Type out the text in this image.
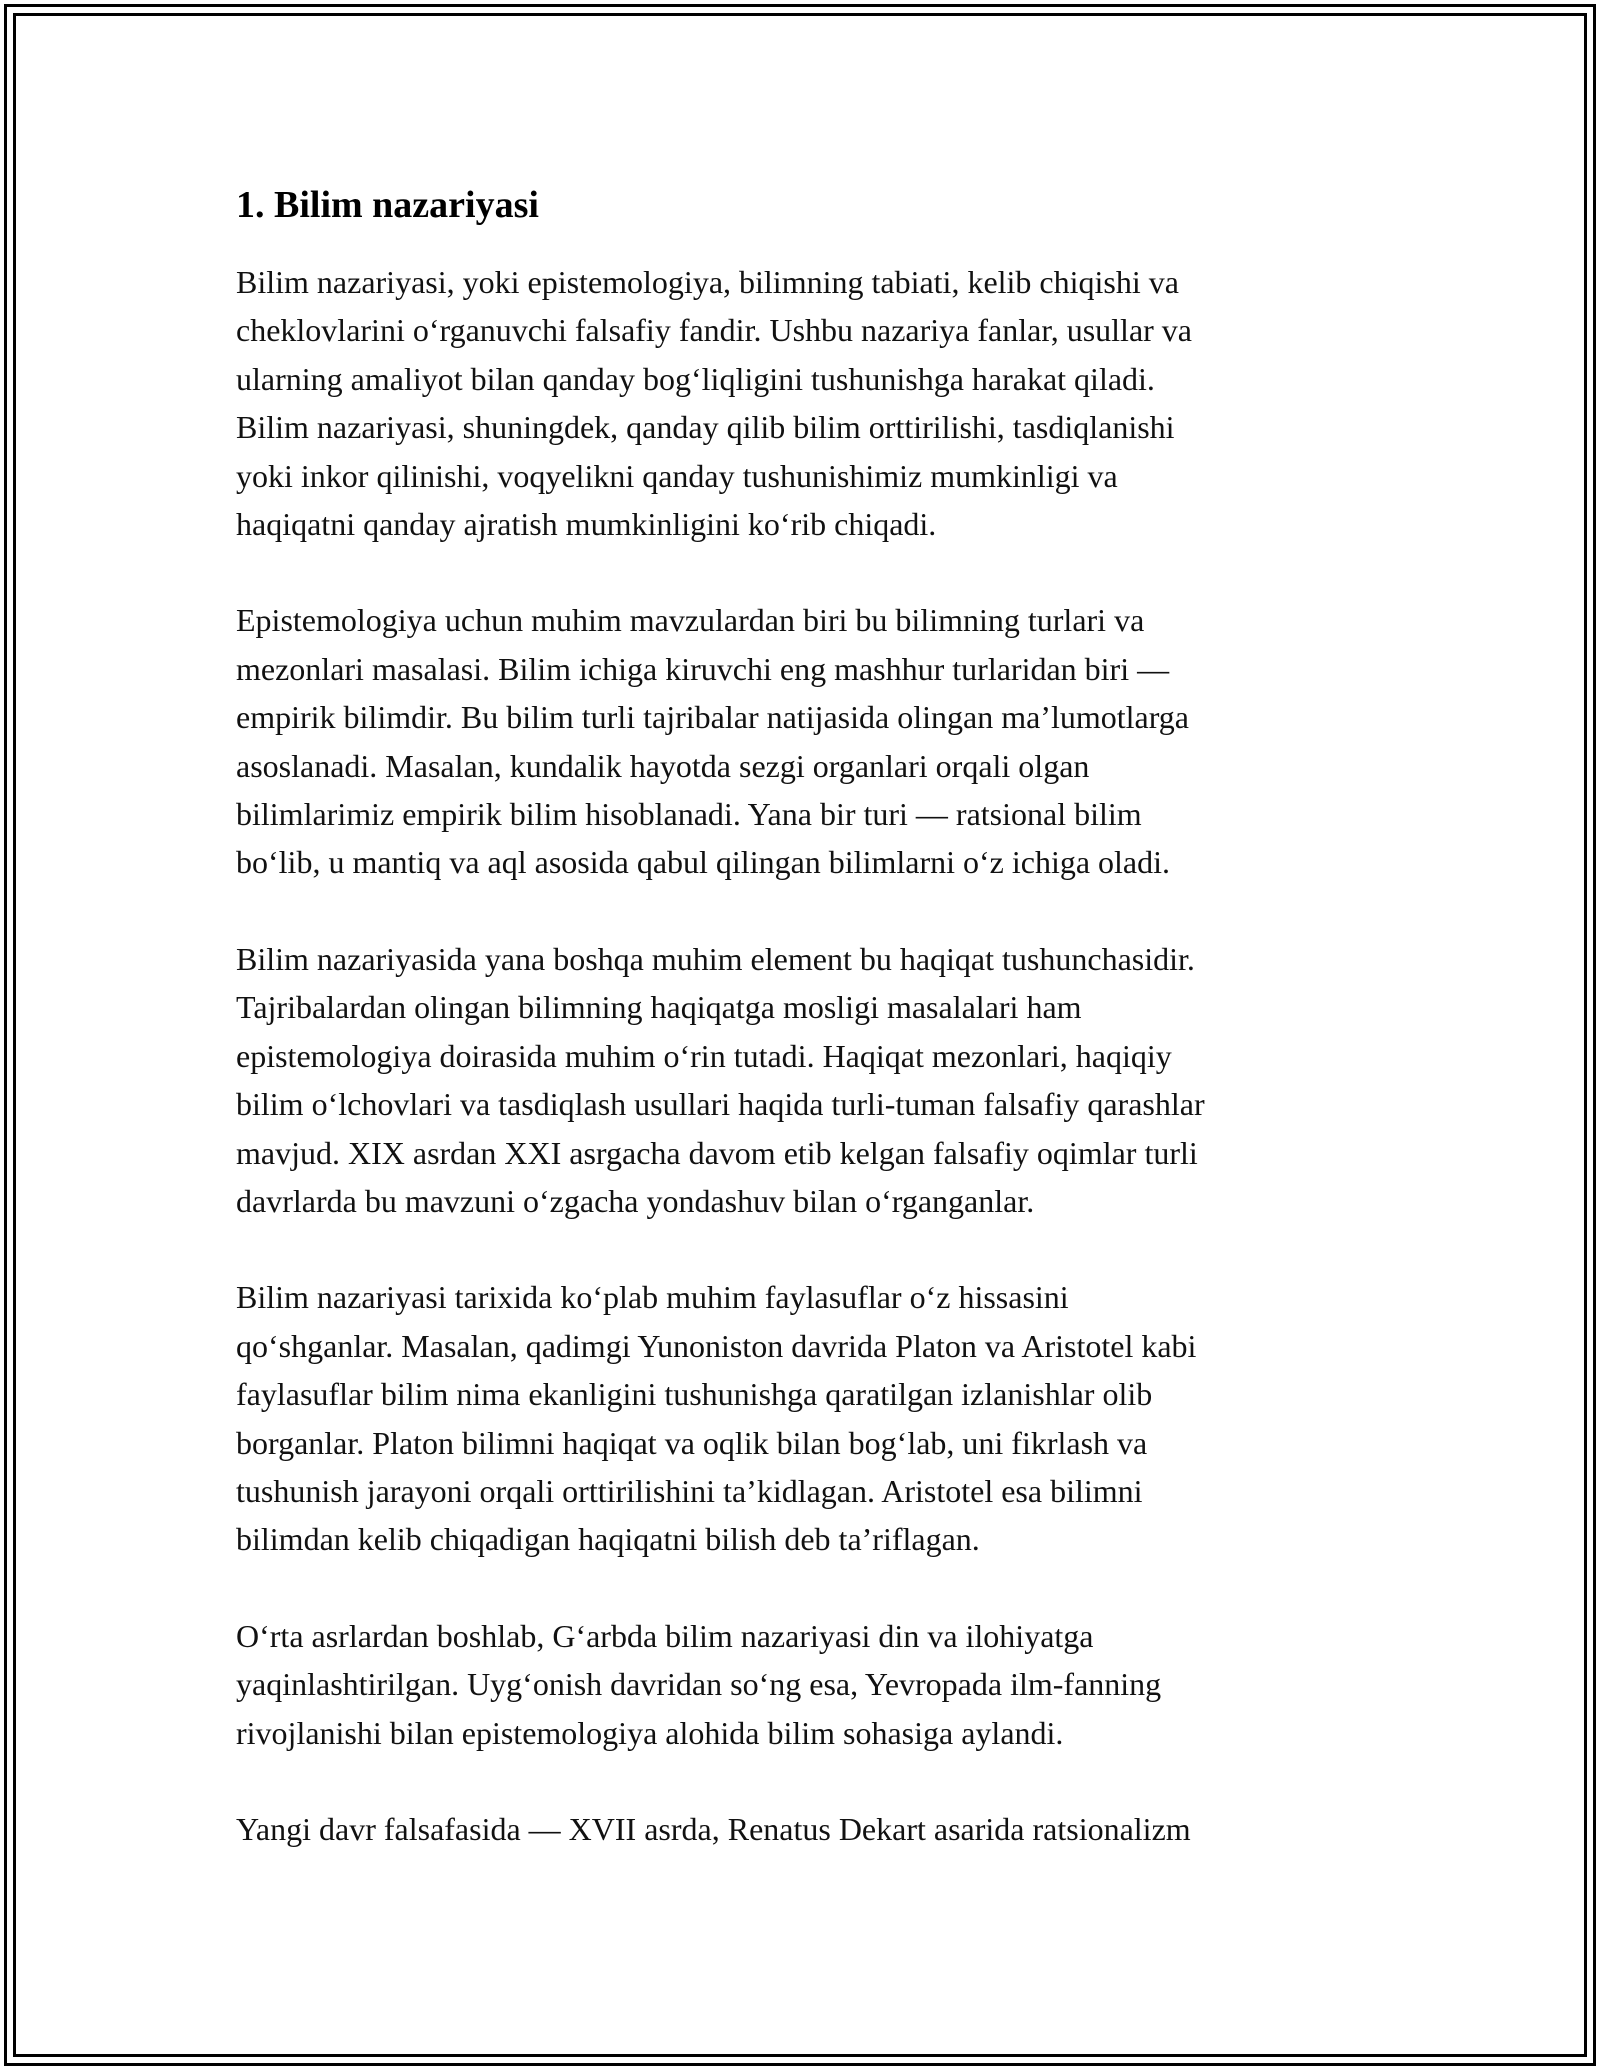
1. Bilim nazariyasi

Bilim nazariyasi, yoki epistemologiya, bilimning tabiati, kelib chiqishi va
cheklovlarini oʻrganuvchi falsafiy fandir. Ushbu nazariya fanlar, usullar va
ularning amaliyot bilan qanday bogʻliqligini tushunishga harakat qiladi.
Bilim nazariyasi, shuningdek, qanday qilib bilim orttirilishi, tasdiqlanishi
yoki inkor qilinishi, voqyelikni qanday tushunishimiz mumkinligi va
haqiqatni qanday ajratish mumkinligini koʻrib chiqadi.

Epistemologiya uchun muhim mavzulardan biri bu bilimning turlari va
mezonlari masalasi. Bilim ichiga kiruvchi eng mashhur turlaridan biri —
empirik bilimdir. Bu bilim turli tajribalar natijasida olingan maʼlumotlarga
asoslanadi. Masalan, kundalik hayotda sezgi organlari orqali olgan
bilimlarimiz empirik bilim hisoblanadi. Yana bir turi — ratsional bilim
boʻlib, u mantiq va aql asosida qabul qilingan bilimlarni oʻz ichiga oladi.

Bilim nazariyasida yana boshqa muhim element bu haqiqat tushunchasidir.
Tajribalardan olingan bilimning haqiqatga mosligi masalalari ham
epistemologiya doirasida muhim oʻrin tutadi. Haqiqat mezonlari, haqiqiy
bilim oʻlchovlari va tasdiqlash usullari haqida turli-tuman falsafiy qarashlar
mavjud. XIX asrdan XXI asrgacha davom etib kelgan falsafiy oqimlar turli
davrlarda bu mavzuni oʻzgacha yondashuv bilan oʻrganganlar.

Bilim nazariyasi tarixida koʻplab muhim faylasuflar oʻz hissasini
qoʻshganlar. Masalan, qadimgi Yunoniston davrida Platon va Aristotel kabi
faylasuflar bilim nima ekanligini tushunishga qaratilgan izlanishlar olib
borganlar. Platon bilimni haqiqat va oqlik bilan bogʻlab, uni fikrlash va
tushunish jarayoni orqali orttirilishini taʼkidlagan. Aristotel esa bilimni
bilimdan kelib chiqadigan haqiqatni bilish deb taʼriflagan.

Oʻrta asrlardan boshlab, Gʻarbda bilim nazariyasi din va ilohiyatga
yaqinlashtirilgan. Uygʻonish davridan soʻng esa, Yevropada ilm-fanning
rivojlanishi bilan epistemologiya alohida bilim sohasiga aylandi.

Yangi davr falsafasida — XVII asrda, Renatus Dekart asarida ratsionalizm
